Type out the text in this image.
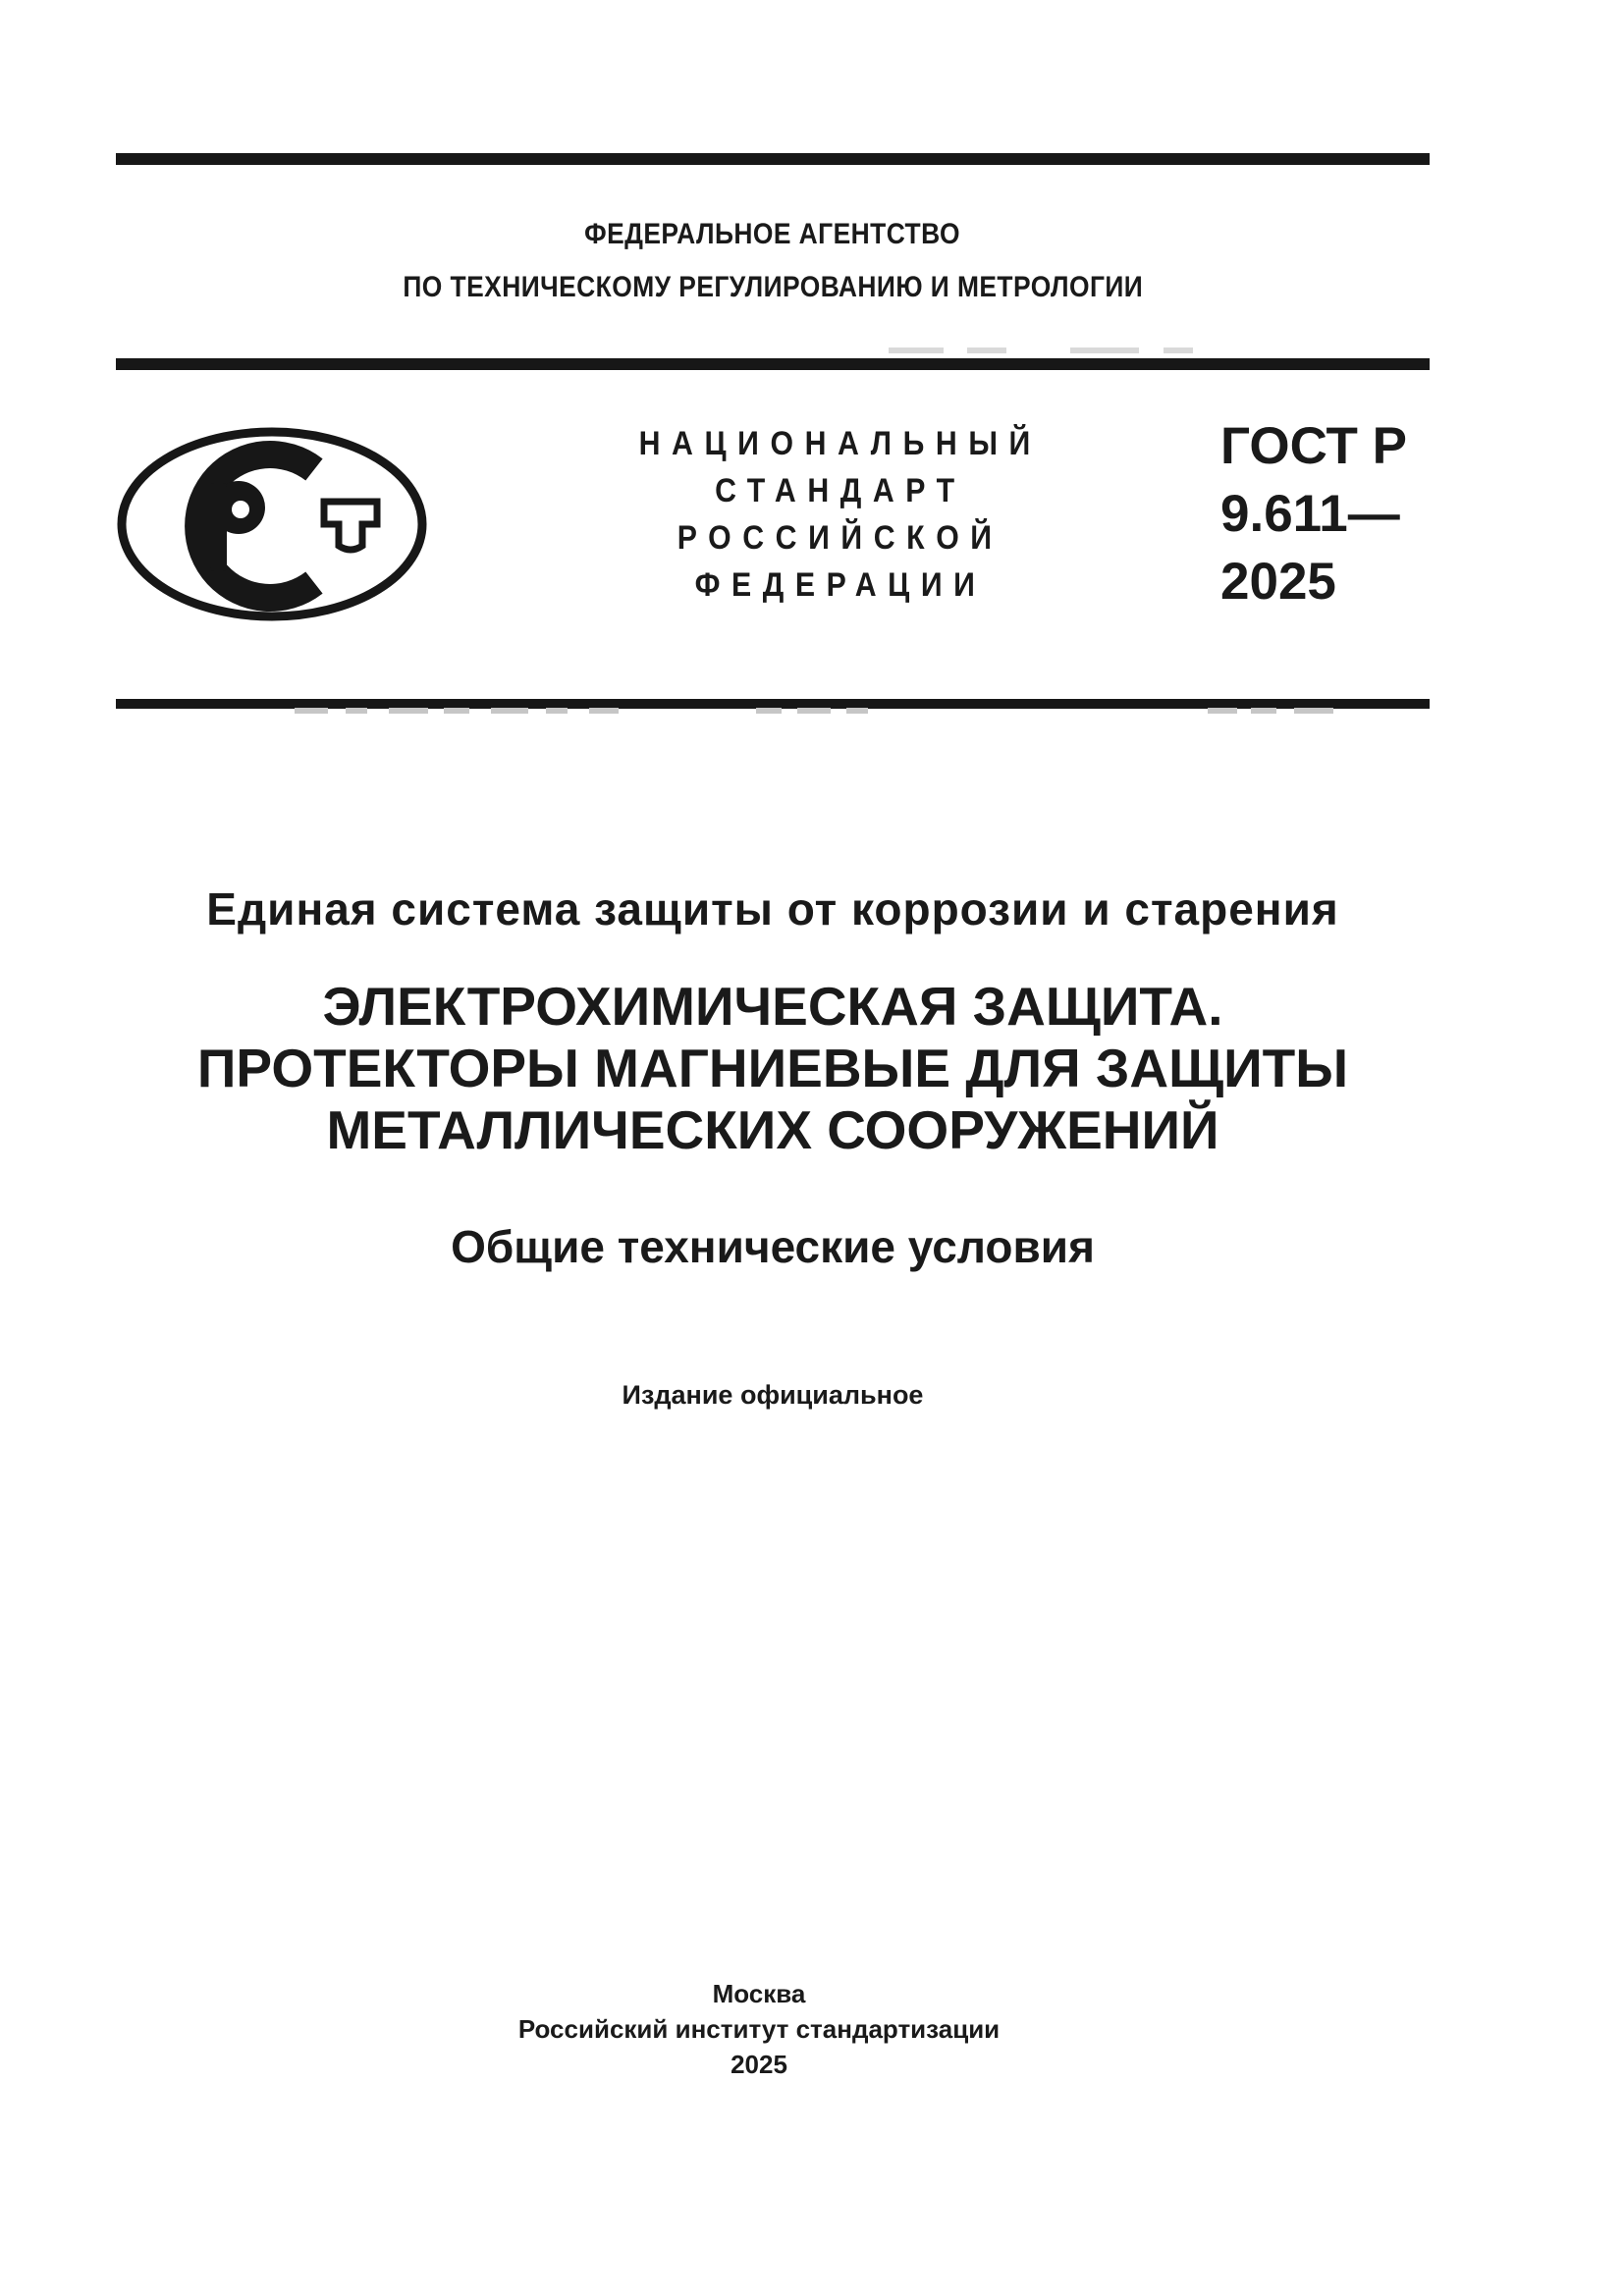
ФЕДЕРАЛЬНОЕ АГЕНТСТВО
ПО ТЕХНИЧЕСКОМУ РЕГУЛИРОВАНИЮ И МЕТРОЛОГИИ
НАЦИОНАЛЬНЫЙ
СТАНДАРТ
РОССИЙСКОЙ
ФЕДЕРАЦИИ
ГОСТ Р
9.611—
2025
Единая система защиты от коррозии и старения
ЭЛЕКТРОХИМИЧЕСКАЯ ЗАЩИТА.
ПРОТЕКТОРЫ МАГНИЕВЫЕ ДЛЯ ЗАЩИТЫ
МЕТАЛЛИЧЕСКИХ СООРУЖЕНИЙ
Общие технические условия
Издание официальное
Москва
Российский институт стандартизации
2025
